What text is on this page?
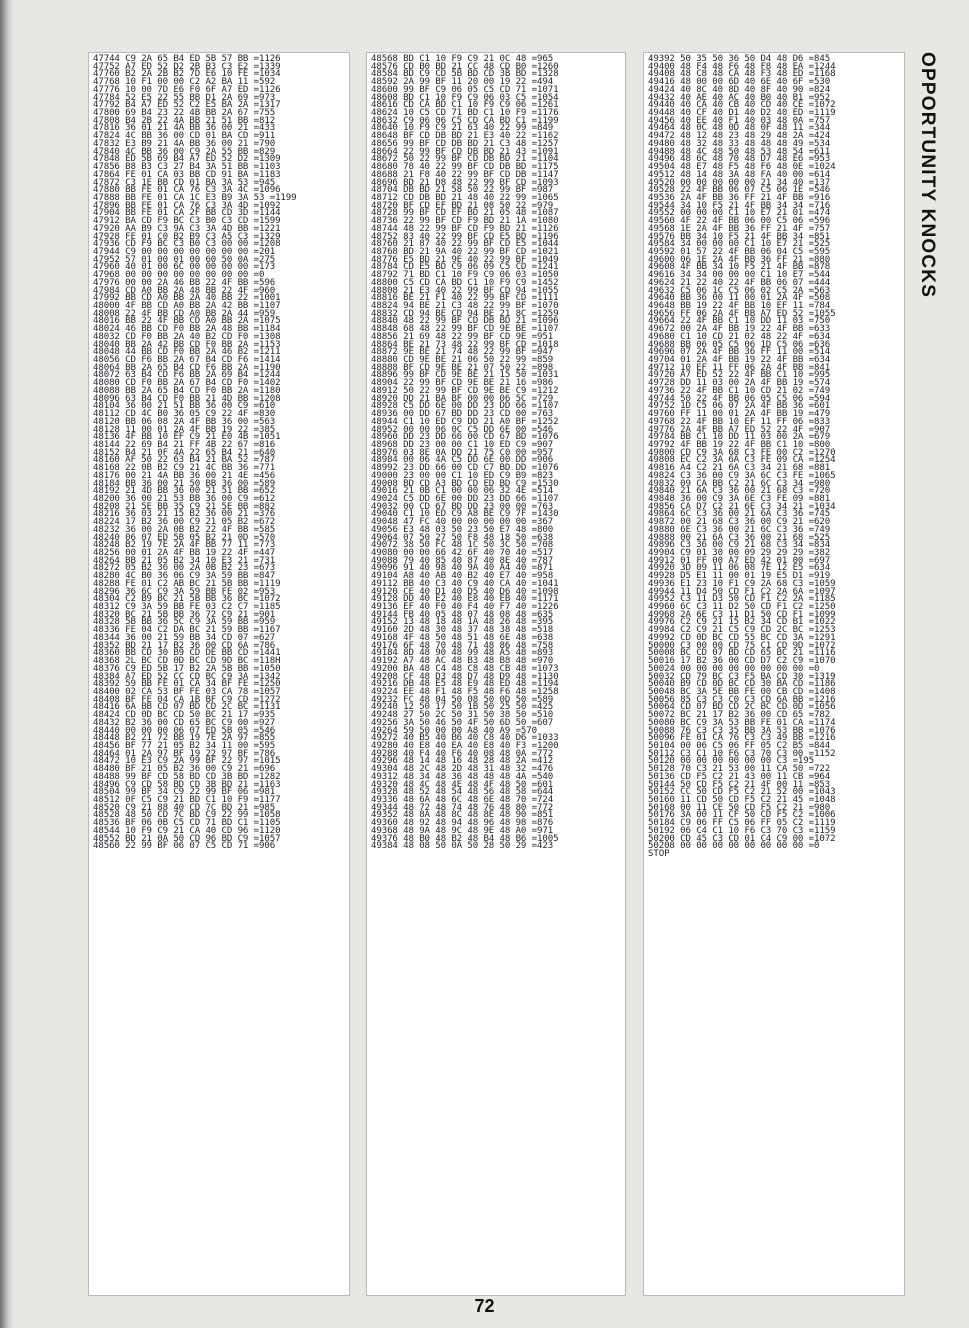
47744 C9 2A 65 B4 ED 5B 57 BB =1126
47752 A7 ED 52 D2 2B B3 C3 E2 =1339
47760 B2 2A 2B B2 7D E6 10 FE =1034
47768 10 F1 00 00 C2 A2 BA 11 =592
47776 10 00 7D E6 F0 6F A7 ED =1126
47784 52 E5 22 55 BB D1 2A 69 =973
47792 B4 A7 ED 52 C2 E5 BA 2A =1317
47800 69 B4 23 22 4B BB 2A 67 =755
47808 B4 2B 22 4A BB 21 51 BB =812
47816 36 01 21 4A BB 36 00 21 =433
47824 4C BB 36 00 CD 01 BA CD =911
47832 E3 B9 21 4A BB 36 00 21 =790
47840 4C BB 36 00 C9 2A 55 BB =829
47848 ED 5B 69 B4 A7 ED 52 D2 =1309
47856 B8 B3 C3 27 B4 3A 51 BB =1103
47864 FE 01 CA 03 BB CD 91 BA =1183
47872 C3 1E BB CD 01 BA 3A 53 =945
47880 BB FE 01 CA 76 C3 3A 4C =1096
47888 BB FE 01 CA 1C E3 B9 3A 53 =1199
47896 BB FE 01 CA 76 C3 3A 4D =1092
47904 BB FE 01 CA 2F BB CD 3D =1144
47912 BA CD F9 BC C3 B0 C3 CD =1599
47920 AA B9 C3 9A C3 3A 4D BB =1221
47928 FE 01 C0 B2 B9 C3 A5 C3 =1329
47936 CD F9 BC C3 B0 C3 00 00 =1208
47944 C9 00 00 00 00 00 00 00 =201
47952 57 01 00 01 00 60 50 0A =275
47960 40 01 00 6C 00 00 00 00 =173
47968 00 00 00 00 00 00 00 00 =0
47976 00 00 2A 46 BB 22 4F BB =596
47984 CD A0 BB 2A 48 BB 22 4F =960
47992 BB CD A0 BB 2A 40 BB 22 =1001
48000 4F BB CD A0 BB 2A 42 BB =1107
48008 22 4F BB CD A0 BB 2A 44 =959
48016 BB 22 4F BB CD A0 BB 2A =1075
48024 46 BB CD F0 BB 2A 48 BB =1184
48032 CD F0 BB 2A 40 B2 CD F0 =1308
48040 BB 2A 42 BB CD F0 BB 2A =1153
48048 44 BB CD F0 BB 2A 46 B2 =1211
48056 CD F6 BB 2A 67 B4 CD F6 =1414
48064 BB 2A 65 B4 CD F6 BB 2A =1190
48072 63 B4 CD F6 BB 2A 69 B4 =1244
48080 CD F0 BB 2A 67 B4 CD F0 =1402
48088 BB 2A 65 B4 CD F0 BB 2A =1180
48096 63 B4 CD F0 BB 21 4D BB =1208
48104 36 00 21 51 BB 36 00 C9 =610
48112 CD 4C B0 36 05 C9 22 4F =830
48120 BB 06 08 2A 4F BB 36 00 =563
48128 11 00 01 2A 4F BB 19 22 =385
48136 4F BB 10 EF C9 21 E0 4B =1051
48144 22 69 B4 21 FF 4B 22 67 =816
48152 B4 21 0F 4A 22 65 B4 21 =640
48160 AF 50 22 63 B4 21 BA 52 =787
48168 22 0B B2 C9 21 4C BB 36 =771
48176 00 21 4A BB 36 00 21 4E =456
48184 BB 36 00 21 50 BB 36 00 =589
48192 21 4D BB 36 00 21 51 BB =652
48200 36 00 21 53 BB 36 00 C9 =612
48208 21 5E BB 35 C9 21 5E BB =882
48216 36 03 21 15 B2 36 00 21 =376
48224 17 B2 36 00 C9 21 05 B2 =672
48232 36 00 2A 0B B2 22 4F BB =585
48240 06 07 ED 5B 05 B2 21 0D =570
48248 B2 19 7E 2A 4F BB 77 11 =773
48256 00 01 2A 4F BB 19 22 4F =447
48264 BB 21 05 B2 34 10 E3 21 =731
48272 05 B2 36 00 2A 0B B2 23 =673
48280 4C B0 36 06 C9 3A 59 BB =847
48288 FE 01 C2 AB BC 21 5B BB =1119
48296 36 6C C9 3A 59 BB FE 02 =953
48304 C2 B9 BC 21 5B BB 36 BC =1072
48312 C9 3A 59 BB FE 03 C2 C7 =1185
48320 BC 21 5B BB 36 72 C9 21 =901
48328 5B BB 36 5C C9 3A 59 BB =959
48336 FE 04 C2 DA BC 21 59 BB =1167
48344 36 00 21 59 BB 34 CD 07 =627
48352 BD 21 17 B2 36 00 CD 6A =786
48360 BB CD 30 B9 CD DE BB CD =1441
48368 2L BC CD 0D BC CD 9D BC =118H
48376 C9 ED 5B 17 B2 2A 5B BB =1050
48384 A7 ED 52 CC CD BC C9 3A =1342
48392 59 BB FE 01 CA 34 BF FE =1250
48400 02 CA 53 BF FE 03 CA 78 =1057
48408 BF FE 04 CA 1B BF C9 CD =1272
48416 6A BB CD 07 BD CD 2C BC =1131
48424 CD 0D BC CD 50 BC 21 17 =935
48432 B2 36 00 CD 65 BC C9 00 =927
48440 00 00 00 06 07 ED 5B 05 =546
48448 B2 21 72 BB 19 7E 2A 97 =855
48456 BF 77 21 05 B2 34 11 00 =595
48464 01 2A 97 BF 19 22 97 BF =786
48472 10 E3 C9 2A 99 BF 22 97 =1015
48480 BF 21 05 B2 36 00 C9 21 =696
48488 99 BF CD 58 BD CD 3B BD =1282
48496 C9 CD 58 BD CD 3B BD 21 =1163
48504 99 BF 34 C9 22 99 BF 06 =981
48512 0F C5 C9 21 BD C1 10 F9 =1177
48520 C9 21 88 40 CD 7C BD 21 =985
48528 48 50 CD 7C BD C9 22 99 =1058
48536 BF 06 0B C5 CD 71 BD C1 =1105
48544 10 F9 C9 21 CA 40 CD 96 =1120
48552 BD 21 0A 50 CD 96 BD C9 =1057
48560 22 99 BF 06 07 C5 CD 71 =906
48568 BD C1 10 F9 C9 21 0C 48 =965
48576 CD B0 BD 21 CC 48 CD B0 =1260
48584 BD C9 CD 5B BD CD 3B BD =1328
48592 2A 99 BF 11 20 00 19 22 =494
48600 99 BF C9 06 05 C5 CD 71 =1071
48608 BD C1 10 F9 C9 06 03 C5 =1054
48616 CD CA BD C1 10 F9 C9 06 =1261
48624 10 C5 CD 71 BD C1 10 F9 =1176
48632 C9 06 06 C5 CD CA BD C1 =1199
48640 10 F9 C9 21 63 40 22 99 =849
48648 BF CD DB BD 21 E3 40 22 =1162
48656 99 BF CD DB BD 21 C3 48 =1257
48664 22 99 BF CD DB BD 21 43 =1091
48672 50 22 99 BF CD DB BD 21 =1104
48680 78 40 22 99 BF CD DB BD =1175
48688 21 F8 40 22 99 BF CD DB =1147
48696 BD 21 D8 48 22 99 BF CD =1093
48704 DB BD 21 58 50 22 99 BF =987
48712 CD DB BD 21 48 40 22 99 =1065
48720 BF CD EF BD 21 08 50 22 =979
48728 99 BF CD EF BD 21 05 48 =1087
48736 22 99 BF CD F9 BD 21 1A =1080
48744 48 22 99 BF CD F9 BD 21 =1126
48752 83 40 22 99 BF CD E5 BD =1196
48760 21 87 40 22 99 BF CD E5 =1044
48768 BD 21 9A 40 22 99 BF CD =1021
48776 E5 BD 21 9E 40 22 99 BF =1049
48784 CD E5 BD C9 06 09 C5 CD =1241
48792 71 BD C1 10 F9 C9 06 03 =1050
48800 C5 CD CA BD C1 10 F9 C9 =1452
48808 21 E3 40 22 99 BF CD 94 =1055
48816 BE 21 F1 40 22 99 BF CD =1111
48824 94 BE 21 C3 48 22 99 BF =1070
48832 CD 94 BE CD 94 BE 21 8C =1259
48840 48 22 99 BF CD DB BD 21 =1096
48848 68 48 22 99 BF CD 9E BE =1107
48856 21 69 48 22 99 BF CD 9E =951
48864 BE 21 73 48 22 99 BF CD =1018
48872 9E BE 21 74 48 22 99 BF =947
48880 CD 9E BE 21 06 50 22 99 =859
48888 BF CD 9E BE 21 07 50 22 =898
48896 99 BF CD 9E BE 21 15 50 =1031
48904 22 99 BF CD 9E BE 21 16 =986
48912 50 22 99 BF CD 9E BE C9 =1212
48920 DD 21 BA BF 00 00 06 5C =729
48928 C5 DD 6E 00 DD 23 DD 66 =1107
48936 00 DD 67 BD DD 23 CD 00 =763
48944 C1 10 ED C9 DD 21 A0 BF =1252
48952 00 00 06 0C C5 DD 6E 00 =546
48960 DD 23 DD 66 00 CD 67 BD =1076
48968 DD 23 00 00 C1 10 ED C9 =907
48976 03 8E 0A DD 21 75 C0 00 =957
48984 00 06 4A C5 DD 6E 00 DD =906
48992 23 DD 66 00 CD C7 BD DD =1076
49000 23 00 00 C1 10 ED C9 B9 =823
49008 BD CD A3 BD CD ED BD C9 =1530
49016 21 0B C1 00 00 06 32 4E =514
49024 C5 DD 6E 00 DD 23 DD 66 =1107
49032 00 CD 67 BD DD 23 00 00 =763
49040 C1 10 ED C9 A8 BE C9 7F =1430
49048 47 FC 40 00 00 00 00 00 =367
49056 E3 48 03 50 23 50 E7 48 =800
49064 07 50 27 50 F8 48 18 50 =638
49072 38 50 FC 48 1C 50 3C 50 =708
49080 00 00 66 42 6F 40 70 40 =517
49088 79 40 85 40 87 40 8E 40 =787
49096 91 40 98 40 9A 40 A4 40 =871
49104 A8 40 AB 40 B2 40 E7 40 =958
49112 BB 40 C3 40 C9 40 CA 40 =1041
49120 CE 40 D1 40 D5 40 D6 40 =1098
49128 DD 40 E2 40 E8 40 EB 40 =1171
49136 EF 40 F0 40 F4 40 F7 40 =1226
49144 FB 40 05 48 07 48 08 48 =635
49152 13 48 18 48 1A 48 26 48 =395
49160 2D 48 30 48 37 48 38 48 =518
49168 4F 48 50 48 51 48 6E 48 =638
49176 6F 48 70 48 71 48 86 48 =758
49184 8D 48 90 48 99 48 A5 48 =893
49192 A7 48 AC 48 B3 48 B8 48 =970
49200 BA 48 C4 48 C8 48 CB 48 =1073
49208 CF 48 D3 48 D7 48 D9 48 =1130
49216 DB 48 E5 48 E9 48 ED 48 =1194
49224 EE 48 F1 48 F5 48 F6 48 =1258
49232 FC 48 04 50 08 50 0D 50 =589
49240 12 50 17 50 1B 50 25 50 =425
49248 27 50 2C 50 31 50 38 50 =510
49256 3A 50 46 50 4F 50 6D 50 =607
49264 59 50 00 00 A8 40 A9 =570
49272 40 B5 40 B6 40 C8 40 D6 =1033
49280 40 E8 40 EA 40 E8 40 F3 =1200
49288 40 F4 40 F6 40 08 48 0A =772
49296 48 14 48 16 48 28 48 2A =412
49304 48 2C 48 2D 48 31 48 32 =476
49312 48 34 48 36 48 48 48 4A =540
49320 48 4C 48 4E 48 4F 48 50 =601
49328 48 52 48 54 48 56 48 58 =644
49336 48 6A 48 6C 48 6E 48 70 =724
49344 48 72 48 74 48 76 48 80 =772
49352 48 8A 48 8C 48 8E 48 90 =851
49360 48 92 48 94 48 96 48 98 =876
49368 48 9A 48 9C 48 9E 48 A0 =971
49376 48 B0 48 B2 48 B4 48 B6 =1005
49384 48 08 50 0A 50 28 50 29 =423
49392 50 35 50 36 50 D4 48 D6 =845
49400 48 F4 48 F6 48 F8 48 EA =1244
49408 48 C8 48 CA 48 F3 48 ED =1168
49416 48 00 00 6D 40 6E 40 6F =530
49424 40 8C 40 8D 40 8F 40 90 =824
49432 40 AE 40 AC 40 B0 40 B1 =952
49440 40 CA 40 CB 40 CD 40 CE =1072
49448 40 CF 40 D1 40 D2 40 ED =1119
49456 40 EE 40 F1 40 03 48 0A =757
49464 48 0C 48 0D 48 0F 48 11 =344
49472 48 12 48 23 48 29 48 2A =424
49480 48 32 48 33 48 48 48 49 =534
49488 48 4C 48 50 48 53 48 54 =611
49496 48 6C 48 70 48 D7 48 E6 =953
49504 48 E7 48 F5 48 F6 48 0E =1024
49512 48 14 48 3A 48 FA 40 00 =614
49520 00 00 00 00 00 21 34 40 =137
49528 22 4F BB 06 07 C5 06 1E =546
49536 2A 4F BB 36 FF 21 4F BB =916
49544 34 10 F5 21 4F BB 34 34 =716
49552 00 00 00 C1 10 E7 21 01 =474
49560 4F 22 4F BB 06 00 C5 06 =596
49568 1E 2A 4F BB 36 FF 21 4F =757
49576 BB 34 10 F5 21 4F BB 34 =851
49584 34 00 00 00 C1 10 E7 21 =525
49592 01 57 22 4F BB 06 04 C5 =595
49600 06 1E 2A 4F BB 36 FF 21 =880
49608 4F BB 34 10 F5 21 4F BB =878
49616 34 34 00 00 00 C1 10 E7 =544
49624 21 22 40 22 4F BB 06 07 =444
49632 C5 06 1C C5 06 02 C5 2A =563
49640 BB 36 00 11 00 01 2A 4F =508
49648 BB 19 22 4F BB 10 EF 11 =784
49656 FF 06 2A 4F BB A7 ED 52 =1055
49664 22 4F BB C1 10 DD 11 03 =750
49672 00 2A 4F BB 19 22 4F BB =633
49680 C1 10 CD 21 02 48 22 4F =634
49688 BB 06 05 C5 06 1D C5 06 =636
49696 07 2A 4F BB 36 FF 11 00 =514
49704 01 2A 4F BB 19 22 4F BB =634
49712 10 EF 11 FF 06 2A 4F BB =841
49720 A7 ED 52 22 4F BB C1 10 =995
49728 DD 11 03 00 2A 4F BB 19 =574
49736 22 4F BB C1 10 CD 21 02 =749
49744 50 22 4F BB 06 05 C5 06 =594
49752 1D C5 06 07 2A 4F BB 36 =601
49760 FF 11 00 01 2A 4F BB 19 =479
49768 22 4F BB 10 EF 11 FF 06 =833
49776 2A 4F BB A7 ED 52 22 4F =907
49784 BB C1 10 DD 11 03 00 2A =679
49792 4F BB 19 22 4F BB C1 10 =800
49800 CD C9 3A 68 C3 FE 00 C2 =1270
49808 EC C2 3A 6A C3 FE 09 CA =1254
49816 A4 C2 21 6A C3 34 21 68 =881
49824 C3 36 00 C9 3A 6C C3 FE =1065
49832 09 CA BB C2 21 6C C3 34 =980
49840 21 6A C3 36 00 21 68 C3 =720
49848 36 00 C9 3A 6E C3 FE 09 =881
49856 CA D7 C2 21 6E C3 34 21 =1034
49864 6C C3 36 00 21 6A C3 36 =745
49872 00 21 68 C3 36 00 C9 21 =620
49880 6E C3 36 00 21 6C C3 36 =749
49888 00 21 6A C3 36 00 21 68 =525
49896 C3 36 00 C9 21 68 C3 34 =834
49904 C9 01 30 00 09 29 29 29 =382
49912 01 FF 00 A7 ED 42 01 00 =697
49920 3D 09 11 06 08 7E 12 E5 =634
49928 D5 E1 11 00 01 19 E5 D1 =919
49936 E1 23 10 F1 C9 2A 68 C3 =1059
49944 11 D4 50 CD F1 C2 2A 6A =1097
49952 C3 11 D3 50 CD F1 C2 2A =1185
49960 6C C3 11 D2 50 CD F1 C2 =1250
49968 2A 6E C3 11 D1 50 CD F1 =1099
49976 C2 C9 21 15 B2 34 CD B1 =1022
49984 C2 C9 21 C5 C9 CD 2C BC =1253
49992 CD 0D BC CD 55 BC CD 3A =1291
50000 C3 00 00 CD 75 C1 CD 9D =1072
50008 BC CD 07 BD CD 65 BC 21 =1116
50016 17 B2 36 00 CD D7 C2 C9 =1070
50024 00 00 00 00 00 00 00 00 =0
50032 CD 79 BC C3 F5 BA CD 30 =1319
50040 B9 CD 0D BC CD 30 BA CD =1186
50048 BC 3A 5E BB FE 00 CB CD =1408
50056 85 C3 C3 C0 C3 CD 6A BB =1216
50064 CD 07 BD CD 2C BC CD 0D =1056
50072 BC 21 17 B2 36 00 CD 65 =782
50080 BC C9 3A 53 BB FE 01 CA =1174
50088 76 C3 C3 35 BB 3A 53 BB =1076
50096 FE 01 CA 76 C3 C3 49 BB =1216
50104 00 06 C5 06 FF 05 C2 B5 =844
50112 C3 C1 10 F6 C3 70 C3 00 =1152
50120 00 00 00 00 00 00 C3 =195
50128 70 C3 21 53 00 11 CA 50 =722
50136 CD F5 C2 21 43 00 11 CB =964
50144 50 CD F5 C2 21 4F 00 11 =853
50152 CC 50 CD F5 C2 21 52 00 =1043
50160 11 CD 50 CD F5 C2 21 45 =1048
50168 00 11 CE 50 CD F5 C2 21 =980
50176 3A 00 11 CF 50 CD F5 C2 =1006
50184 C9 06 FF C5 06 FF 05 C2 =1119
50192 06 C4 C1 10 F6 C3 70 C3 =1159
50200 CD 45 C3 CD 01 C4 C9 00 =1072
50208 00 00 00 00 00 00 00 00 =0
STOP
OPPORTUNITY KNOCKS
72
